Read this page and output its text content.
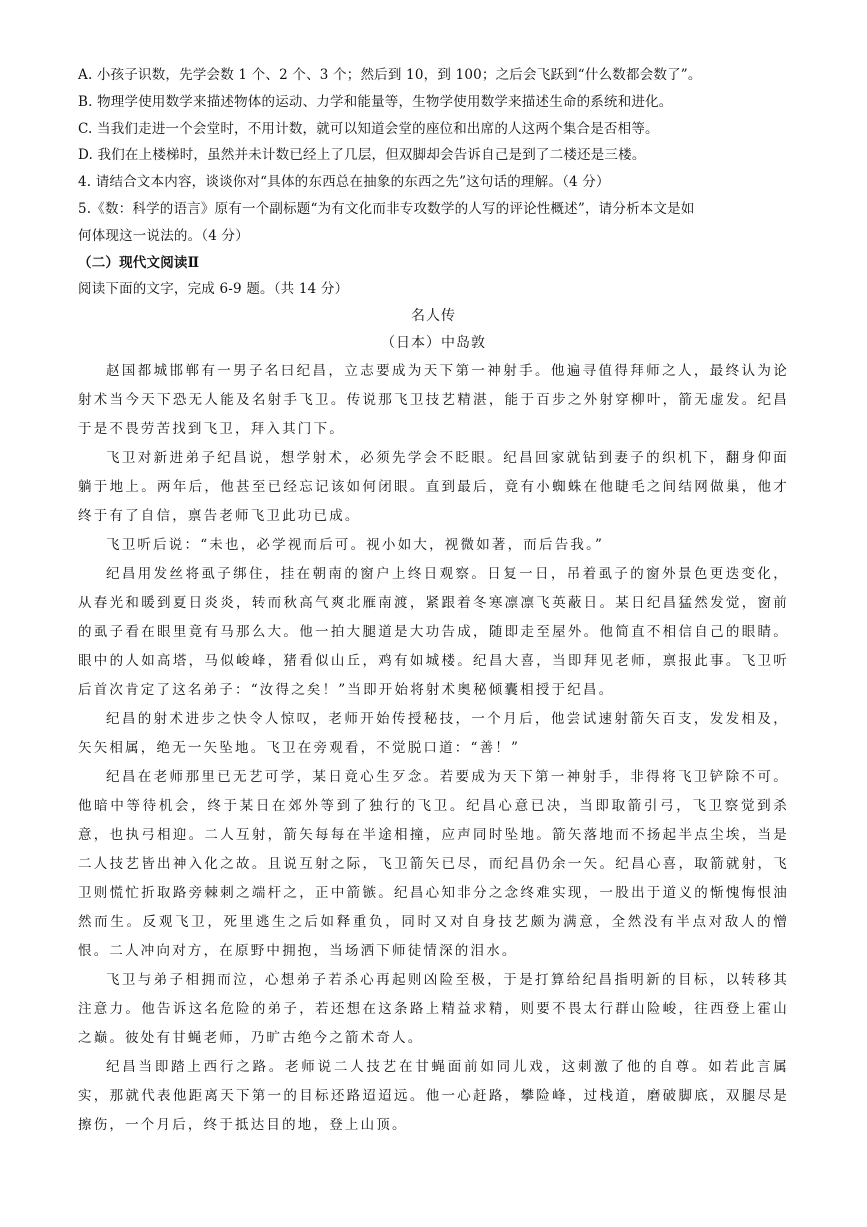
A. 小孩子识数，先学会数 1 个、2 个、3 个；然后到 10，到 100；之后会飞跃到“什么数都会数了”。
B. 物理学使用数学来描述物体的运动、力学和能量等，生物学使用数学来描述生命的系统和进化。
C. 当我们走进一个会堂时，不用计数，就可以知道会堂的座位和出席的人这两个集合是否相等。
D. 我们在上楼梯时，虽然并未计数已经上了几层，但双脚却会告诉自己是到了二楼还是三楼。
4. 请结合文本内容，谈谈你对“具体的东西总在抽象的东西之先”这句话的理解。（4 分）
5.《数：科学的语言》原有一个副标题“为有文化而非专攻数学的人写的评论性概述”，请分析本文是如
何体现这一说法的。（4 分）
（二）现代文阅读Ⅱ
阅读下面的文字，完成 6-9 题。（共 14 分）
名人传
（日本）中岛敦

赵国都城邯郸有一男子名曰纪昌，立志要成为天下第一神射手。他遍寻值得拜师之人，最终认为论射术当今天下恐无人能及名射手飞卫。传说那飞卫技艺精湛，能于百步之外射穿柳叶，箭无虚发。纪昌于是不畏劳苦找到飞卫，拜入其门下。

飞卫对新进弟子纪昌说，想学射术，必须先学会不眨眼。纪昌回家就钻到妻子的织机下，翻身仰面躺于地上。两年后，他甚至已经忘记该如何闭眼。直到最后，竟有小蜘蛛在他睫毛之间结网做巢，他才终于有了自信，禀告老师飞卫此功已成。

飞卫听后说：“未也，必学视而后可。视小如大，视微如著，而后告我。”

纪昌用发丝将虱子绑住，挂在朝南的窗户上终日观察。日复一日，吊着虱子的窗外景色更迭变化，从春光和暖到夏日炎炎，转而秋高气爽北雁南渡，紧跟着冬寒凛凛飞英蔽日。某日纪昌猛然发觉，窗前的虱子看在眼里竟有马那么大。他一拍大腿道是大功告成，随即走至屋外。他简直不相信自己的眼睛。眼中的人如高塔，马似峻峰，猪看似山丘，鸡有如城楼。纪昌大喜，当即拜见老师，禀报此事。飞卫听后首次肯定了这名弟子：“汝得之矣！”当即开始将射术奥秘倾囊相授于纪昌。

纪昌的射术进步之快令人惊叹，老师开始传授秘技，一个月后，他尝试速射箭矢百支，发发相及，矢矢相属，绝无一矢坠地。飞卫在旁观看，不觉脱口道：“善！”

纪昌在老师那里已无艺可学，某日竟心生歹念。若要成为天下第一神射手，非得将飞卫铲除不可。他暗中等待机会，终于某日在郊外等到了独行的飞卫。纪昌心意已决，当即取箭引弓，飞卫察觉到杀意，也执弓相迎。二人互射，箭矢每每在半途相撞，应声同时坠地。箭矢落地而不扬起半点尘埃，当是二人技艺皆出神入化之故。且说互射之际，飞卫箭矢已尽，而纪昌仍余一矢。纪昌心喜，取箭就射，飞卫则慌忙折取路旁棘刺之端杆之，正中箭镞。纪昌心知非分之念终难实现，一股出于道义的惭愧悔恨油然而生。反观飞卫，死里逃生之后如释重负，同时又对自身技艺颇为满意，全然没有半点对敌人的憎恨。二人冲向对方，在原野中拥抱，当场洒下师徒情深的泪水。

飞卫与弟子相拥而泣，心想弟子若杀心再起则凶险至极，于是打算给纪昌指明新的目标，以转移其注意力。他告诉这名危险的弟子，若还想在这条路上精益求精，则要不畏太行群山险峻，往西登上霍山之巅。彼处有甘蝇老师，乃旷古绝今之箭术奇人。

纪昌当即踏上西行之路。老师说二人技艺在甘蝇面前如同儿戏，这刺激了他的自尊。如若此言属实，那就代表他距离天下第一的目标还路迢迢远。他一心赶路，攀险峰，过栈道，磨破脚底，双腿尽是擦伤，一个月后，终于抵达目的地，登上山顶。
